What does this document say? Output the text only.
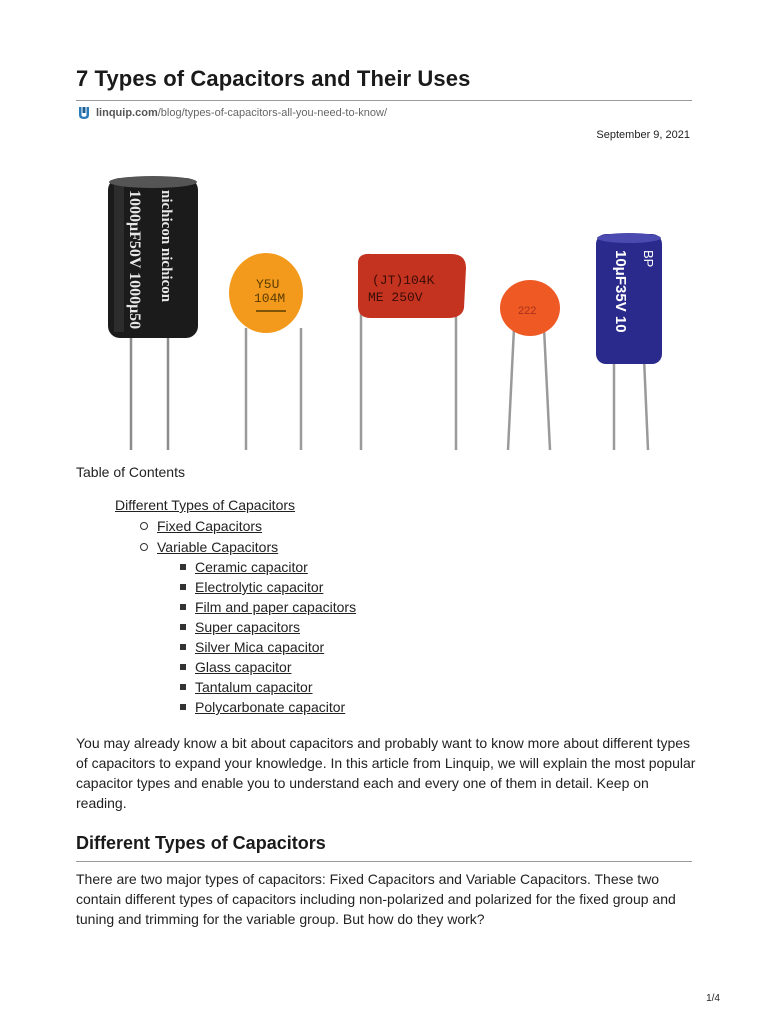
7 Types of Capacitors and Their Uses
linquip.com /blog/types-of-capacitors-all-you-need-to-know/
September 9, 2021
1000μF50V 1000μ50 nichicon nichicon	Y5U
104M
(JT)104K
ME 250V
222	10μF35V 10 BP
Table of Contents
Different Types of Capacitors
Fixed Capacitors
Variable Capacitors
Ceramic capacitor
Electrolytic capacitor
Film and paper capacitors
Super capacitors
Silver Mica capacitor
Glass capacitor
Tantalum capacitor
Polycarbonate capacitor

You may already know a bit about capacitors and probably want to know more about different types of capacitors to expand your knowledge. In this article from Linquip, we will explain the most popular capacitor types and enable you to understand each and every one of them in detail. Keep on reading.

Different Types of Capacitors

There are two major types of capacitors: Fixed Capacitors and Variable Capacitors. These two contain different types of capacitors including non-polarized and polarized for the fixed group and tuning and trimming for the variable group. But how do they work?

1/4
